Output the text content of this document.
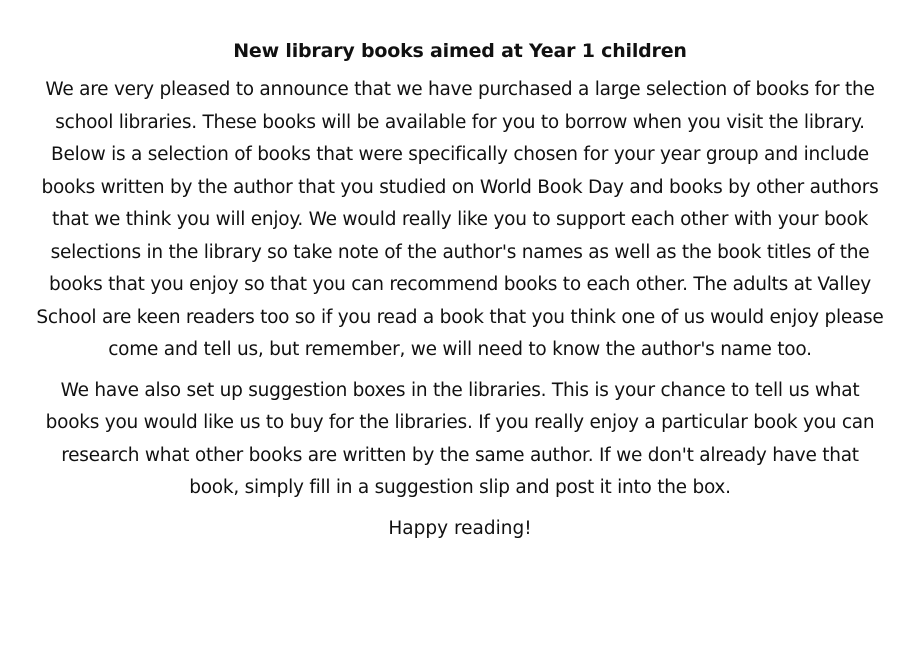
New library books aimed at Year 1 children

We are very pleased to announce that we have purchased a large selection of books for the school libraries. These books will be available for you to borrow when you visit the library. Below is a selection of books that were specifically chosen for your year group and include books written by the author that you studied on World Book Day and books by other authors that we think you will enjoy. We would really like you to support each other with your book selections in the library so take note of the author's names as well as the book titles of the books that you enjoy so that you can recommend books to each other. The adults at Valley School are keen readers too so if you read a book that you think one of us would enjoy please come and tell us, but remember, we will need to know the author's name too.

We have also set up suggestion boxes in the libraries. This is your chance to tell us what books you would like us to buy for the libraries. If you really enjoy a particular book you can research what other books are written by the same author. If we don't already have that book, simply fill in a suggestion slip and post it into the box.

Happy reading!
